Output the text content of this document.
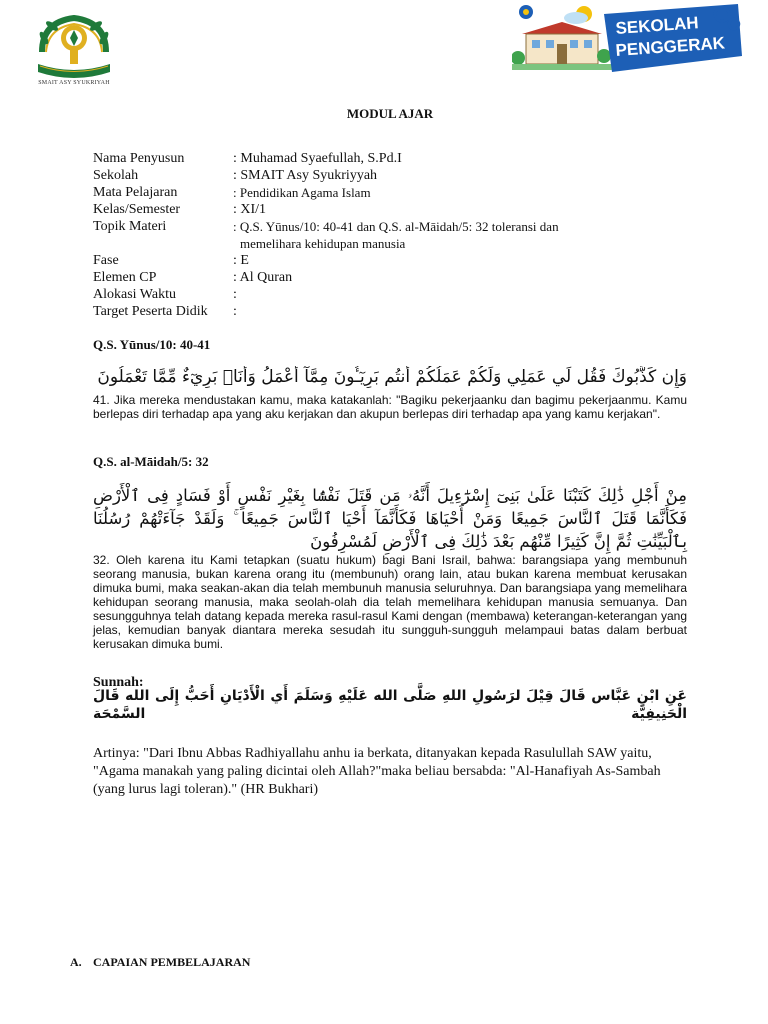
SMAIT ASY SYUKRIYAH
SEKOLAH
PENGGERAK
MODUL AJAR
Nama Penyusun	: Muhamad Syaefullah, S.Pd.I
Sekolah	: SMAIT Asy Syukriyyah
Mata Pelajaran	: Pendidikan Agama Islam
Kelas/Semester	: XI/1
Topik Materi	: Q.S. Yūnus/10: 40-41 dan Q.S. al-Māidah/5: 32 toleransi dan
memelihara kehidupan manusia
Fase	: E
Elemen CP	: Al Quran
Alokasi Waktu	:
Target Peserta Didik	:
Q.S. Yūnus/10: 40-41
وَإِن كَذَّبُوكَ فَقُل لِّي عَمَلِي وَلَكُمْ عَمَلُكُمْ أَنتُم بَرِيٓـُٔونَ مِمَّآ أَعْمَلُ وَأَنَا۠ بَرِيٓءٌ مِّمَّا تَعْمَلُونَ
41. Jika mereka mendustakan kamu, maka katakanlah: "Bagiku pekerjaanku dan bagimu pekerjaanmu. Kamu berlepas diri terhadap apa yang aku kerjakan dan akupun berlepas diri terhadap apa yang kamu kerjakan".
Q.S. al-Māidah/5: 32
مِنْ أَجْلِ ذَٰلِكَ كَتَبْنَا عَلَىٰ بَنِىٓ إِسْرَٰٓءِيلَ أَنَّهُۥ مَن قَتَلَ نَفْسًۢا بِغَيْرِ نَفْسٍ أَوْ فَسَادٍ فِى ٱلْأَرْضِ فَكَأَنَّمَا قَتَلَ ٱلنَّاسَ جَمِيعًا وَمَنْ أَحْيَاهَا فَكَأَنَّمَآ أَحْيَا ٱلنَّاسَ جَمِيعًا ۚ وَلَقَدْ جَآءَتْهُمْ رُسُلُنَا بِٱلْبَيِّنَٰتِ ثُمَّ إِنَّ كَثِيرًا مِّنْهُم بَعْدَ ذَٰلِكَ فِى ٱلْأَرْضِ لَمُسْرِفُونَ
32. Oleh karena itu Kami tetapkan (suatu hukum) bagi Bani Israil, bahwa: barangsiapa yang membunuh seorang manusia, bukan karena orang itu (membunuh) orang lain, atau bukan karena membuat kerusakan dimuka bumi, maka seakan-akan dia telah membunuh manusia seluruhnya. Dan barangsiapa yang memelihara kehidupan seorang manusia, maka seolah-olah dia telah memelihara kehidupan manusia semuanya. Dan sesungguhnya telah datang kepada mereka rasul-rasul Kami dengan (membawa) keterangan-keterangan yang jelas, kemudian banyak diantara mereka sesudah itu sungguh-sungguh melampaui batas dalam berbuat kerusakan dimuka bumi.
Sunnah:
عَنِ ابْنِ عَبَّاس قَالَ قِيْلَ لرَسُولِ اللهِ صَلَّى الله عَلَيْهِ وَسَلَمَ أَي الْأَدْيَانِ أَحَبُّ إِلَى الله قَالَ الْحَنِيفِيَّة السَّمْحَة
Artinya: "Dari Ibnu Abbas Radhiyallahu anhu ia berkata, ditanyakan kepada Rasulullah SAW yaitu, "Agama manakah yang paling dicintai oleh Allah?"maka beliau bersabda: "Al-Hanafiyah As-Sambah (yang lurus lagi toleran)." (HR Bukhari)
A. CAPAIAN PEMBELAJARAN
